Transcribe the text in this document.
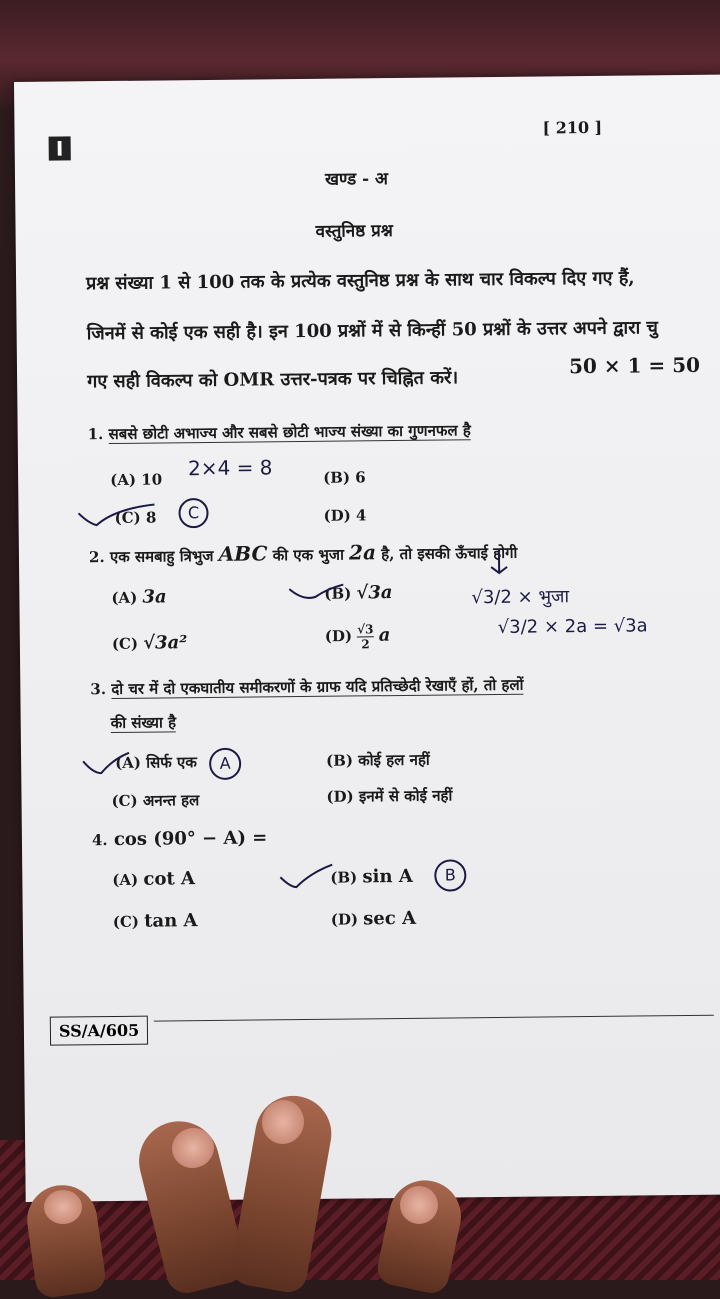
I
[ 210 ]
खण्ड - अ
वस्तुनिष्ठ प्रश्न
प्रश्न संख्या 1 से 100 तक के प्रत्येक वस्तुनिष्ठ प्रश्न के साथ चार विकल्प दिए गए हैं,
जिनमें से कोई एक सही है। इन 100 प्रश्नों में से किन्हीं 50 प्रश्नों के उत्तर अपने द्वारा चु
गए सही विकल्प को OMR उत्तर-पत्रक पर चिह्नित करें।
50 × 1 = 50
1. सबसे छोटी अभाज्य और सबसे छोटी भाज्य संख्या का गुणनफल है
(A) 10	(B) 6
(C) 8	(D) 4
2. एक समबाहु त्रिभुज ABC की एक भुजा 2a है, तो इसकी ऊँचाई होगी
(A) 3a	(B) √3a
(C) √3a²	$(D) \frac{√3}{2}$ a
3. दो चर में दो एकघातीय समीकरणों के ग्राफ यदि प्रतिच्छेदी रेखाएँ हों, तो हलों
की संख्या है
(A) सिर्फ एक	(B) कोई हल नहीं
(C) अनन्त हल	(D) इनमें से कोई नहीं
4. cos (90° − A) =
(A) cot A	(B) sin A
(C) tan A	(D) sec A
2×4 = 8
C
√3/2 × भुजा
√3/2 × 2a = √3a
A
B
SS/A/605
